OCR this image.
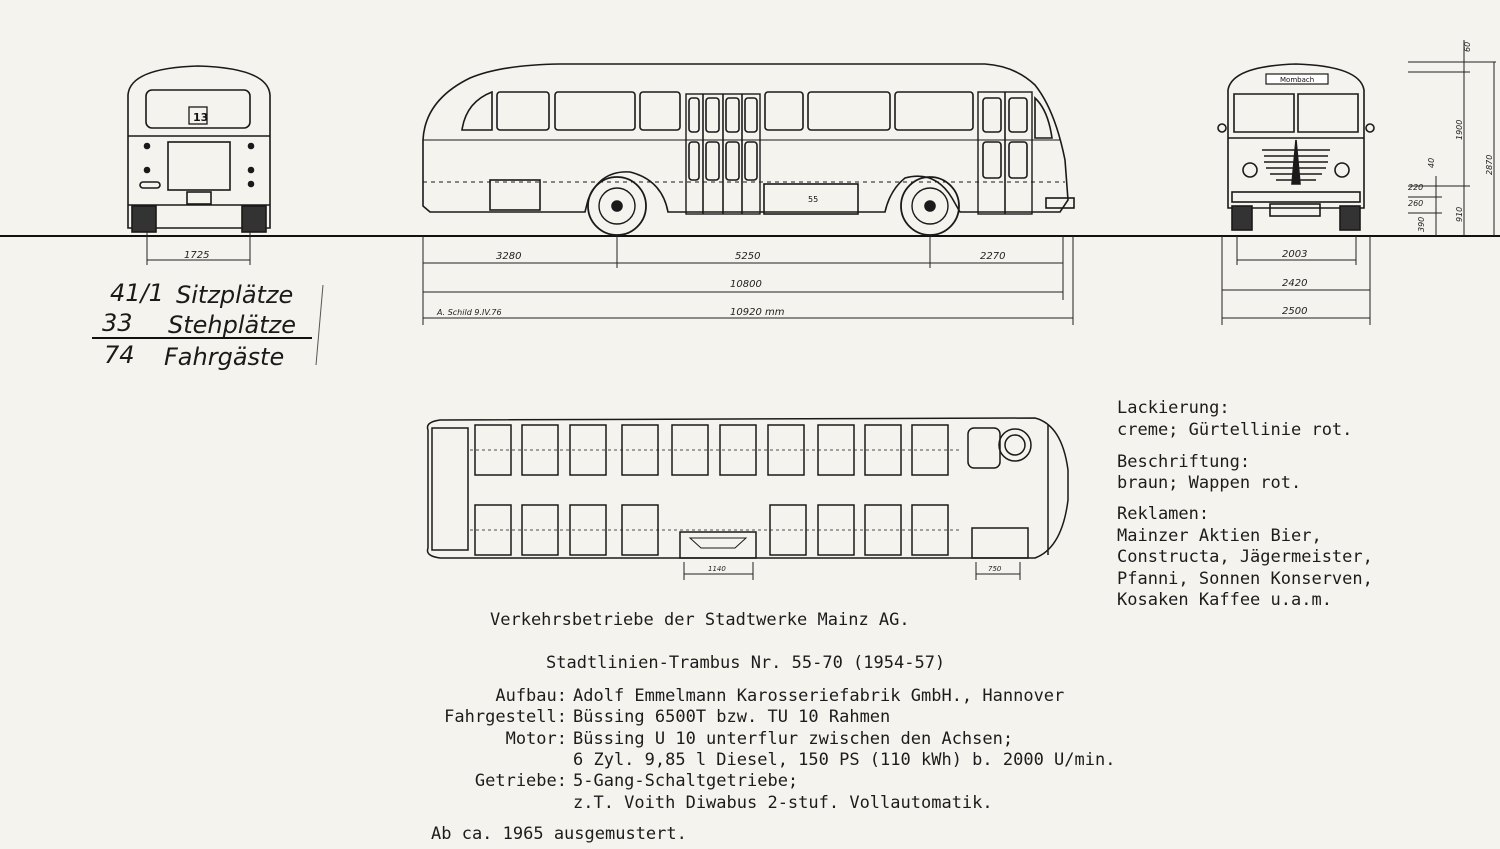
13
1725
55
3280	5250	2270
10800
10920 mm
A. Schild 9.IV.76
Mombach
2003
2420
2500
60
1900
2870
40
220
260
910
390
1140	750
41/1 Sitzplätze
33 Stehplätze
74 Fahrgäste
Lackierung:
creme; Gürtellinie rot.
Beschriftung:
braun; Wappen rot.
Reklamen:
Mainzer Aktien Bier,
Constructa, Jägermeister,
Pfanni, Sonnen Konserven,
Kosaken Kaffee u.a.m.
Verkehrsbetriebe der Stadtwerke Mainz AG.
Stadtlinien-Trambus Nr. 55-70 (1954-57)
Aufbau: Adolf Emmelmann Karosseriefabrik GmbH., Hannover
Fahrgestell: Büssing 6500T bzw. TU 10 Rahmen
Motor: Büssing U 10 unterflur zwischen den Achsen;
6 Zyl. 9,85 l Diesel, 150 PS (110 kWh) b. 2000 U/min.
Getriebe: 5-Gang-Schaltgetriebe;
z.T. Voith Diwabus 2-stuf. Vollautomatik.
Ab ca. 1965 ausgemustert.
